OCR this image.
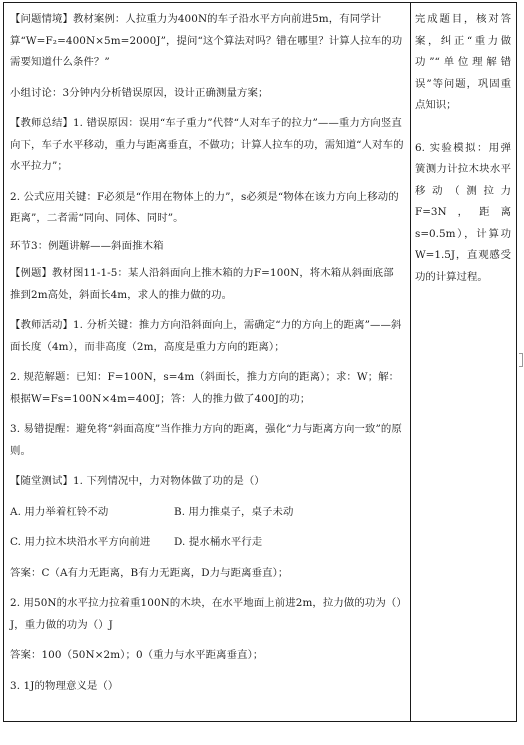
【问题情境】教材案例：人拉重力为400N的车子沿水平方向前进5m，有同学计算“W=F₂=400N×5m=2000J”，提问“这个算法对吗？错在哪里？计算人拉车的功需要知道什么条件？”

小组讨论：3分钟内分析错误原因，设计正确测量方案；

【教师总结】1. 错误原因：误用“车子重力”代替“人对车子的拉力”——重力方向竖直向下，车子水平移动，重力与距离垂直，不做功；计算人拉车的功，需知道“人对车的水平拉力”；

2. 公式应用关键：F必须是“作用在物体上的力”，s必须是“物体在该力方向上移动的距离”，二者需“同向、同体、同时”。

环节3：例题讲解——斜面推木箱

【例题】教材图11-1-5：某人沿斜面向上推木箱的力F=100N，将木箱从斜面底部推到2m高处，斜面长4m，求人的推力做的功。

【教师活动】1. 分析关键：推力方向沿斜面向上，需确定“力的方向上的距离”——斜面长度（4m），而非高度（2m，高度是重力方向的距离）；

2. 规范解题：已知：F=100N，s=4m（斜面长，推力方向的距离）；求：W；解：根据W=Fs=100N×4m=400J；答：人的推力做了400J的功；

3. 易错提醒：避免将“斜面高度”当作推力方向的距离，强化“力与距离方向一致”的原则。

【随堂测试】1. 下列情况中，力对物体做了功的是（）

A. 用力举着杠铃不动	B. 用力推桌子，桌子未动
C. 用力拉木块沿水平方向前进	D. 提水桶水平行走

答案：C（A有力无距离，B有力无距离，D力与距离垂直）；

2. 用50N的水平拉力拉着重100N的木块，在水平地面上前进2m，拉力做的功为（）J，重力做的功为（）J

答案：100（50N×2m）；0（重力与水平距离垂直）；

3. 1J的物理意义是（）

完成题目，核对答案，纠正“重力做功”“单位理解错误”等问题，巩固重点知识；

6. 实验模拟：用弹簧测力计拉木块水平移动（测拉力F=3N，距离s=0.5m），计算功W=1.5J，直观感受功的计算过程。
